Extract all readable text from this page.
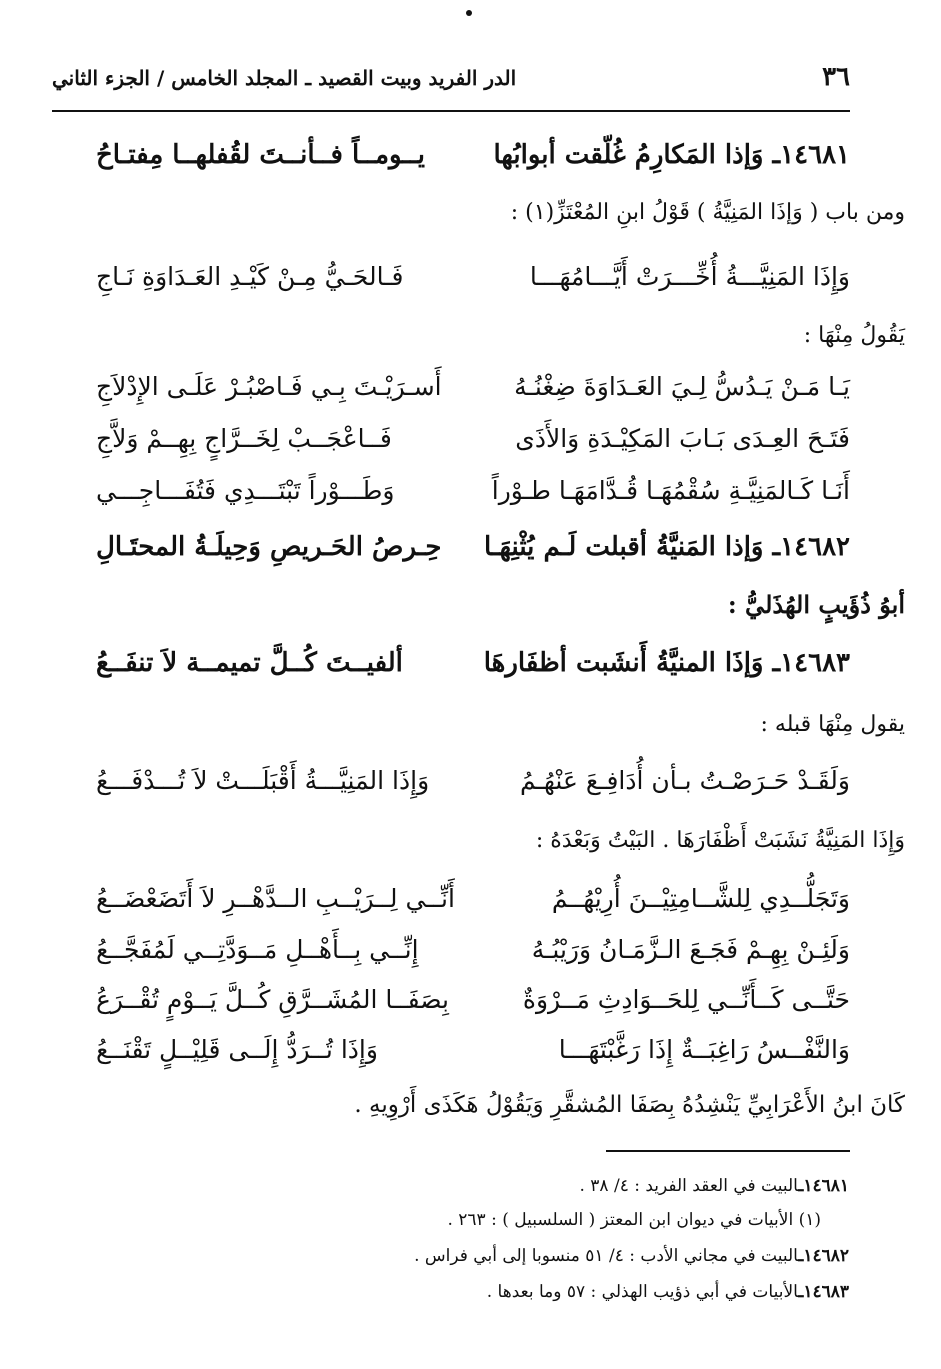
٣٦
الدر الفريد وبيت القصيد ـ المجلد الخامس / الجزء الثاني
١٤٦٨١ـ وَإذا المَكارِمُ غُلّقت أبوابُها
يــومــاً فــأنــتَ لقُفلهــا مِفتـاحُ
ومن باب ( وَإذَا المَنِيَّةُ ) قَوْلُ ابنِ المُعْتَزِّ(١) :
وَإِذَا المَنِيَّـــةُ أُخِّـــرَتْ أَيَّـــامُهَـــا
فَـالحَـيُّ مِـنْ كَيْـدِ العَـدَاوَةِ نَـاجِ
يَقُولُ مِنْهَا :
يَـا مَـنْ يَـدُسُّ لِـيَ العَـدَاوَةَ ضِغْنُـهُ
أَسـرَيْـتَ بِـي فَـاصْبُـرْ عَلَـى الإِدْلاَجِ
فَتَـحَ العِـدَى بَـابَ المَكِيْـدَةِ وَالأَذَى
فَــاعْجَــبْ لِخَــرَّاجٍ بِهِــمْ وَلاَّجِ
أَنَـا كَـالمَنِيَّـةِ سُقْمُهَـا قُـدَّامَهَـا طـوْراً
وَطَـــوْراً تَبْتَـــدِي فَتُفَـــاجِـــي
١٤٦٨٢ـ وَإذا المَنيَّةُ أقبلت لَـم يُثْنِهَـا
حِـرصُ الحَـريصِ وَحِيلَـةُ المحتَـالِ
أبوُ ذُؤَيبٍ الهُذَليُّ :
١٤٦٨٣ـ وَإذَا المنيَّةُ أَنشَبت أظفَارهَا
ألفيــتَ كُــلَّ تميمــة لاَ تنفَــعُ
يقول مِنْهَا قبله :
وَلَقَـدْ حَـرَصْـتُ بـأن أُدَافِـعَ عَنْهُـمُ
وَإِذَا المَنِيَّـــةُ أَقْبَلَـــتْ لاَ تُـــدْفَـــعُ
وَإِذَا المَنِيَّةُ نَشَبَتْ أَظْفَارَهَا . البَيْتُ وَبَعْدَهُ :
وَتَجَلُّــدِي لِلشَّــامِتِيْــنَ أُرِيْهُــمُ
أَنِّــي لِــرَيْــبِ الــدَّهْــرِ لاَ أَتَضَعْضَــعُ
وَلَئِـنْ بِهِـمْ فَجَـعَ الـزَّمَـانُ وَرَيْبُـهُ
إِنِّــي بِــأَهْــلِ مَــوَدَّتِــي لَمُفَجَّــعُ
حَتَّــى كَــأَنِّــي لِلحَــوَادِثِ مَــرْوَةٌ
بِصَفَــا المُشَــرَّقِ كُــلَّ يَــوْمٍ تُقْــرَعُ
وَالنَّفْــسُ رَاغِبَــةٌ إِذَا رَغَّبْتَهَـــا
وَإِذَا تُــرَدُّ إِلَــى قَلِيْــلٍ تَقْنَــعُ
كَانَ ابنُ الأَعْرَابِيِّ يَنْشِدُهُ بِصَفَا المُشقَّرِ وَيَقُوْلُ هَكَذَى أَرْوِيهِ .
١٤٦٨١ـالبيت في العقد الفريد : ٤/ ٣٨ .
(١) الأبيات في ديوان ابن المعتز ( السلسبيل ) : ٢٦٣ .
١٤٦٨٢ـالبيت في مجاني الأدب : ٤/ ٥١ منسوبا إلى أبي فراس .
١٤٦٨٣ـالأبيات في أبي ذؤيب الهذلي : ٥٧ وما بعدها .
